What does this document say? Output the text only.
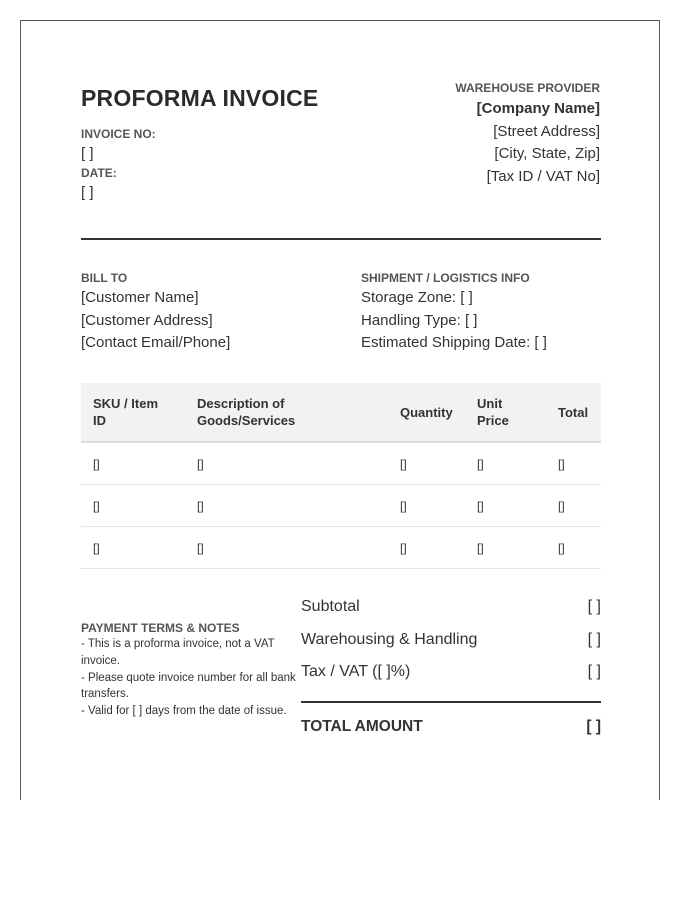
PROFORMA INVOICE
INVOICE NO:
[ ]
DATE:
[ ]
WAREHOUSE PROVIDER
[Company Name]
[Street Address]
[City, State, Zip]
[Tax ID / VAT No]
BILL TO
[Customer Name]
[Customer Address]
[Contact Email/Phone]
SHIPMENT / LOGISTICS INFO
Storage Zone: [ ]
Handling Type: [ ]
Estimated Shipping Date: [ ]
SKU / Item ID	Description of Goods/Services	Quantity	Unit Price	Total
[]	[]	[]	[]	[]
[]	[]	[]	[]	[]
[]	[]	[]	[]	[]
PAYMENT TERMS & NOTES
- This is a proforma invoice, not a VAT invoice.
- Please quote invoice number for all bank transfers.
- Valid for [ ] days from the date of issue.
Subtotal	[ ]
Warehousing & Handling	[ ]
Tax / VAT ([ ]%)	[ ]
TOTAL AMOUNT	[ ]
